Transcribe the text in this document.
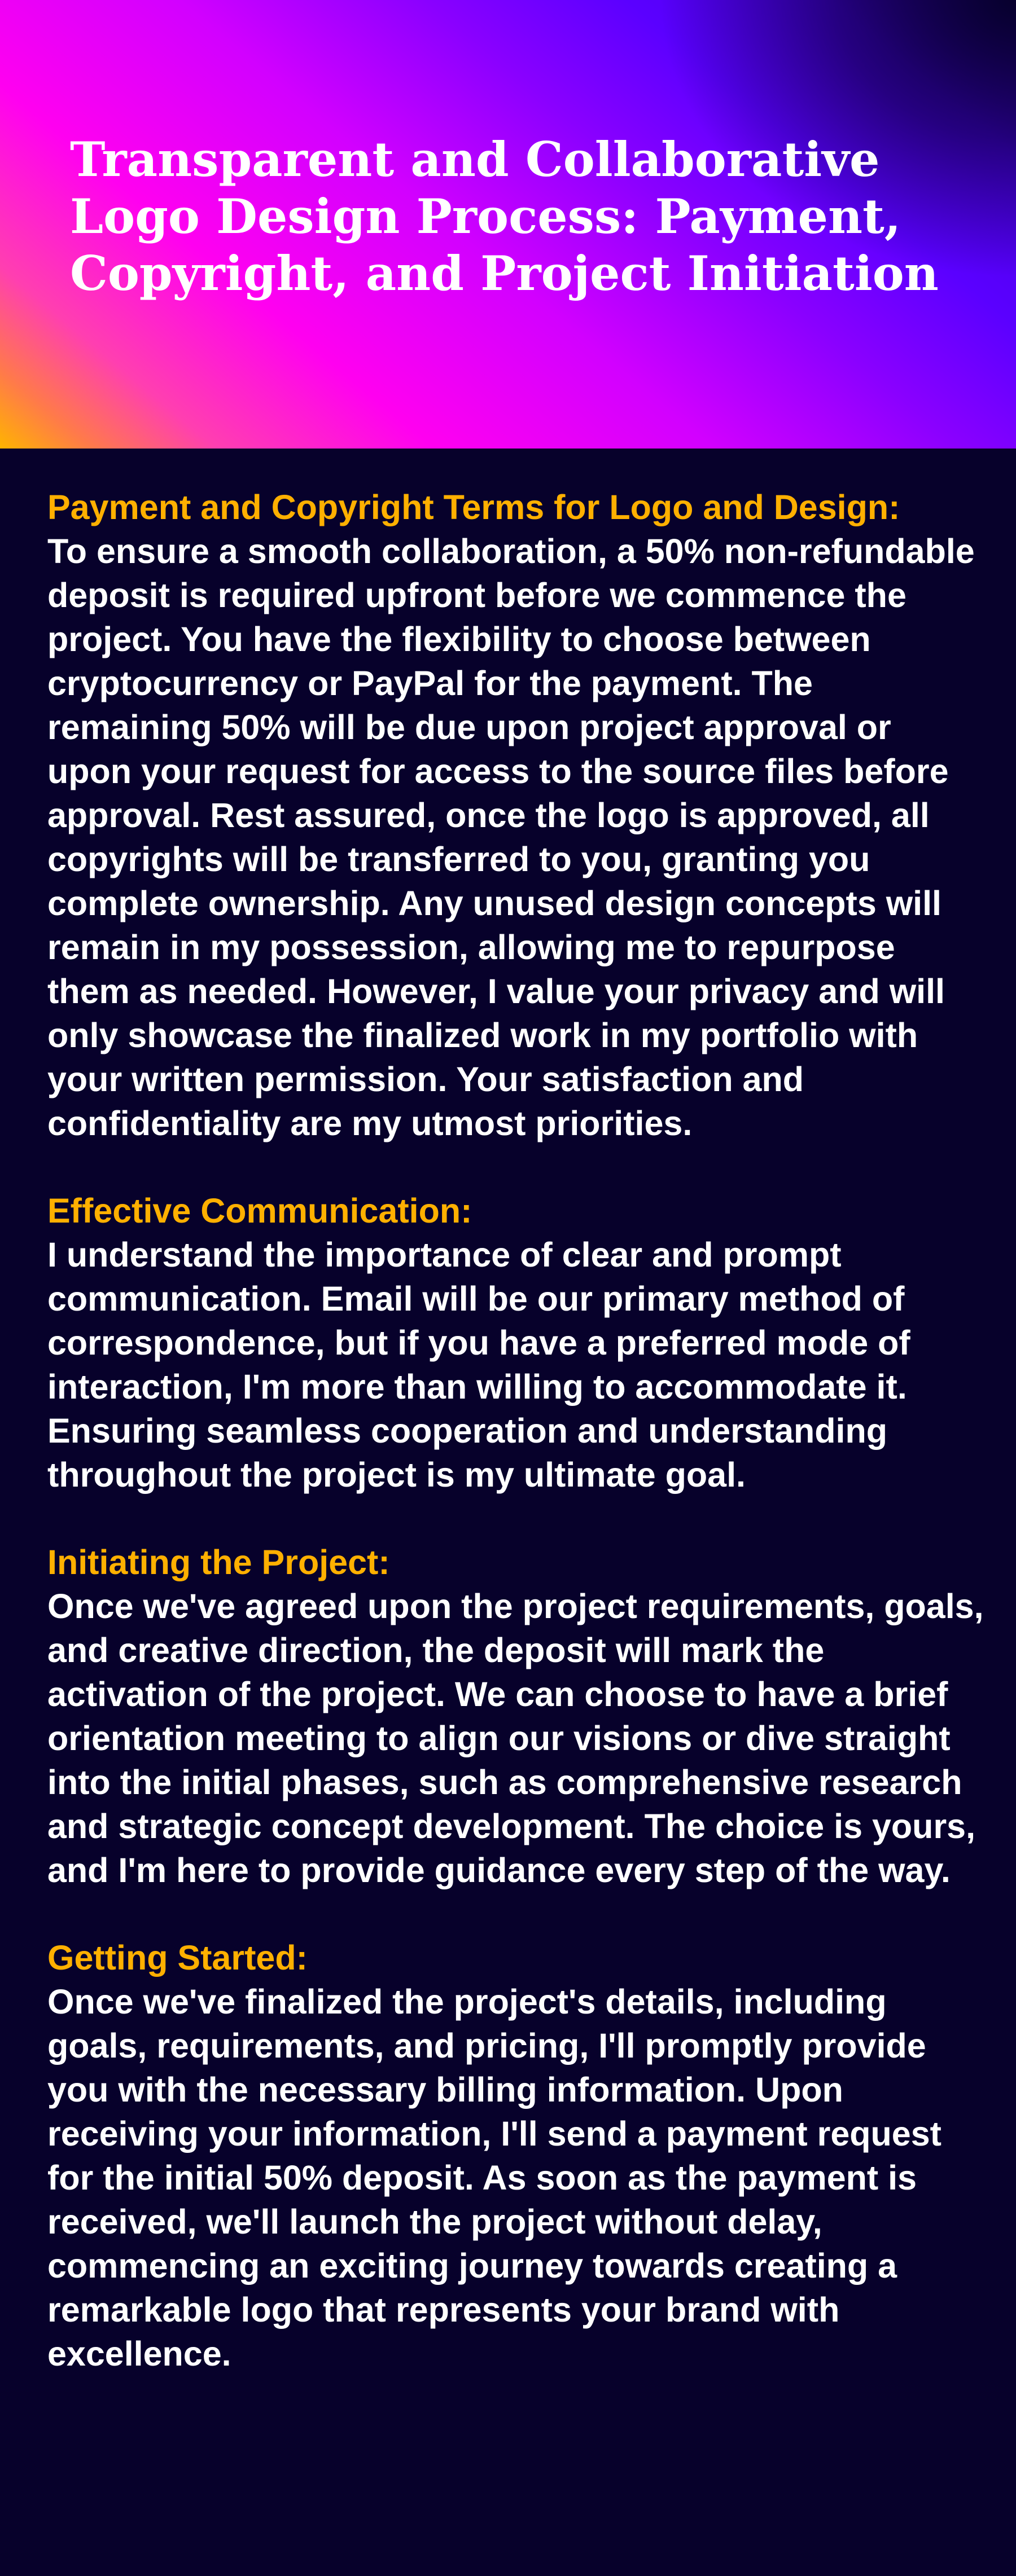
Transparent and Collaborative Logo Design Process: Payment, Copyright, and Project Initiation

Payment and Copyright Terms for Logo and Design:

To ensure a smooth collaboration, a 50% non-refundable deposit is required upfront before we commence the project. You have the flexibility to choose between cryptocurrency or PayPal for the payment. The remaining 50% will be due upon project approval or upon your request for access to the source files before approval. Rest assured, once the logo is approved, all copyrights will be transferred to you, granting you complete ownership. Any unused design concepts will remain in my possession, allowing me to repurpose them as needed. However, I value your privacy and will only showcase the finalized work in my portfolio with your written permission. Your satisfaction and confidentiality are my utmost priorities.

Effective Communication:

I understand the importance of clear and prompt communication. Email will be our primary method of correspondence, but if you have a preferred mode of interaction, I'm more than willing to accommodate it. Ensuring seamless cooperation and understanding throughout the project is my ultimate goal.

Initiating the Project:

Once we've agreed upon the project requirements, goals, and creative direction, the deposit will mark the activation of the project. We can choose to have a brief orientation meeting to align our visions or dive straight into the initial phases, such as comprehensive research and strategic concept development. The choice is yours, and I'm here to provide guidance every step of the way.

Getting Started:

Once we've finalized the project's details, including goals, requirements, and pricing, I'll promptly provide you with the necessary billing information. Upon receiving your information, I'll send a payment request for the initial 50% deposit. As soon as the payment is received, we'll launch the project without delay, commencing an exciting journey towards creating a remarkable logo that represents your brand with excellence.
